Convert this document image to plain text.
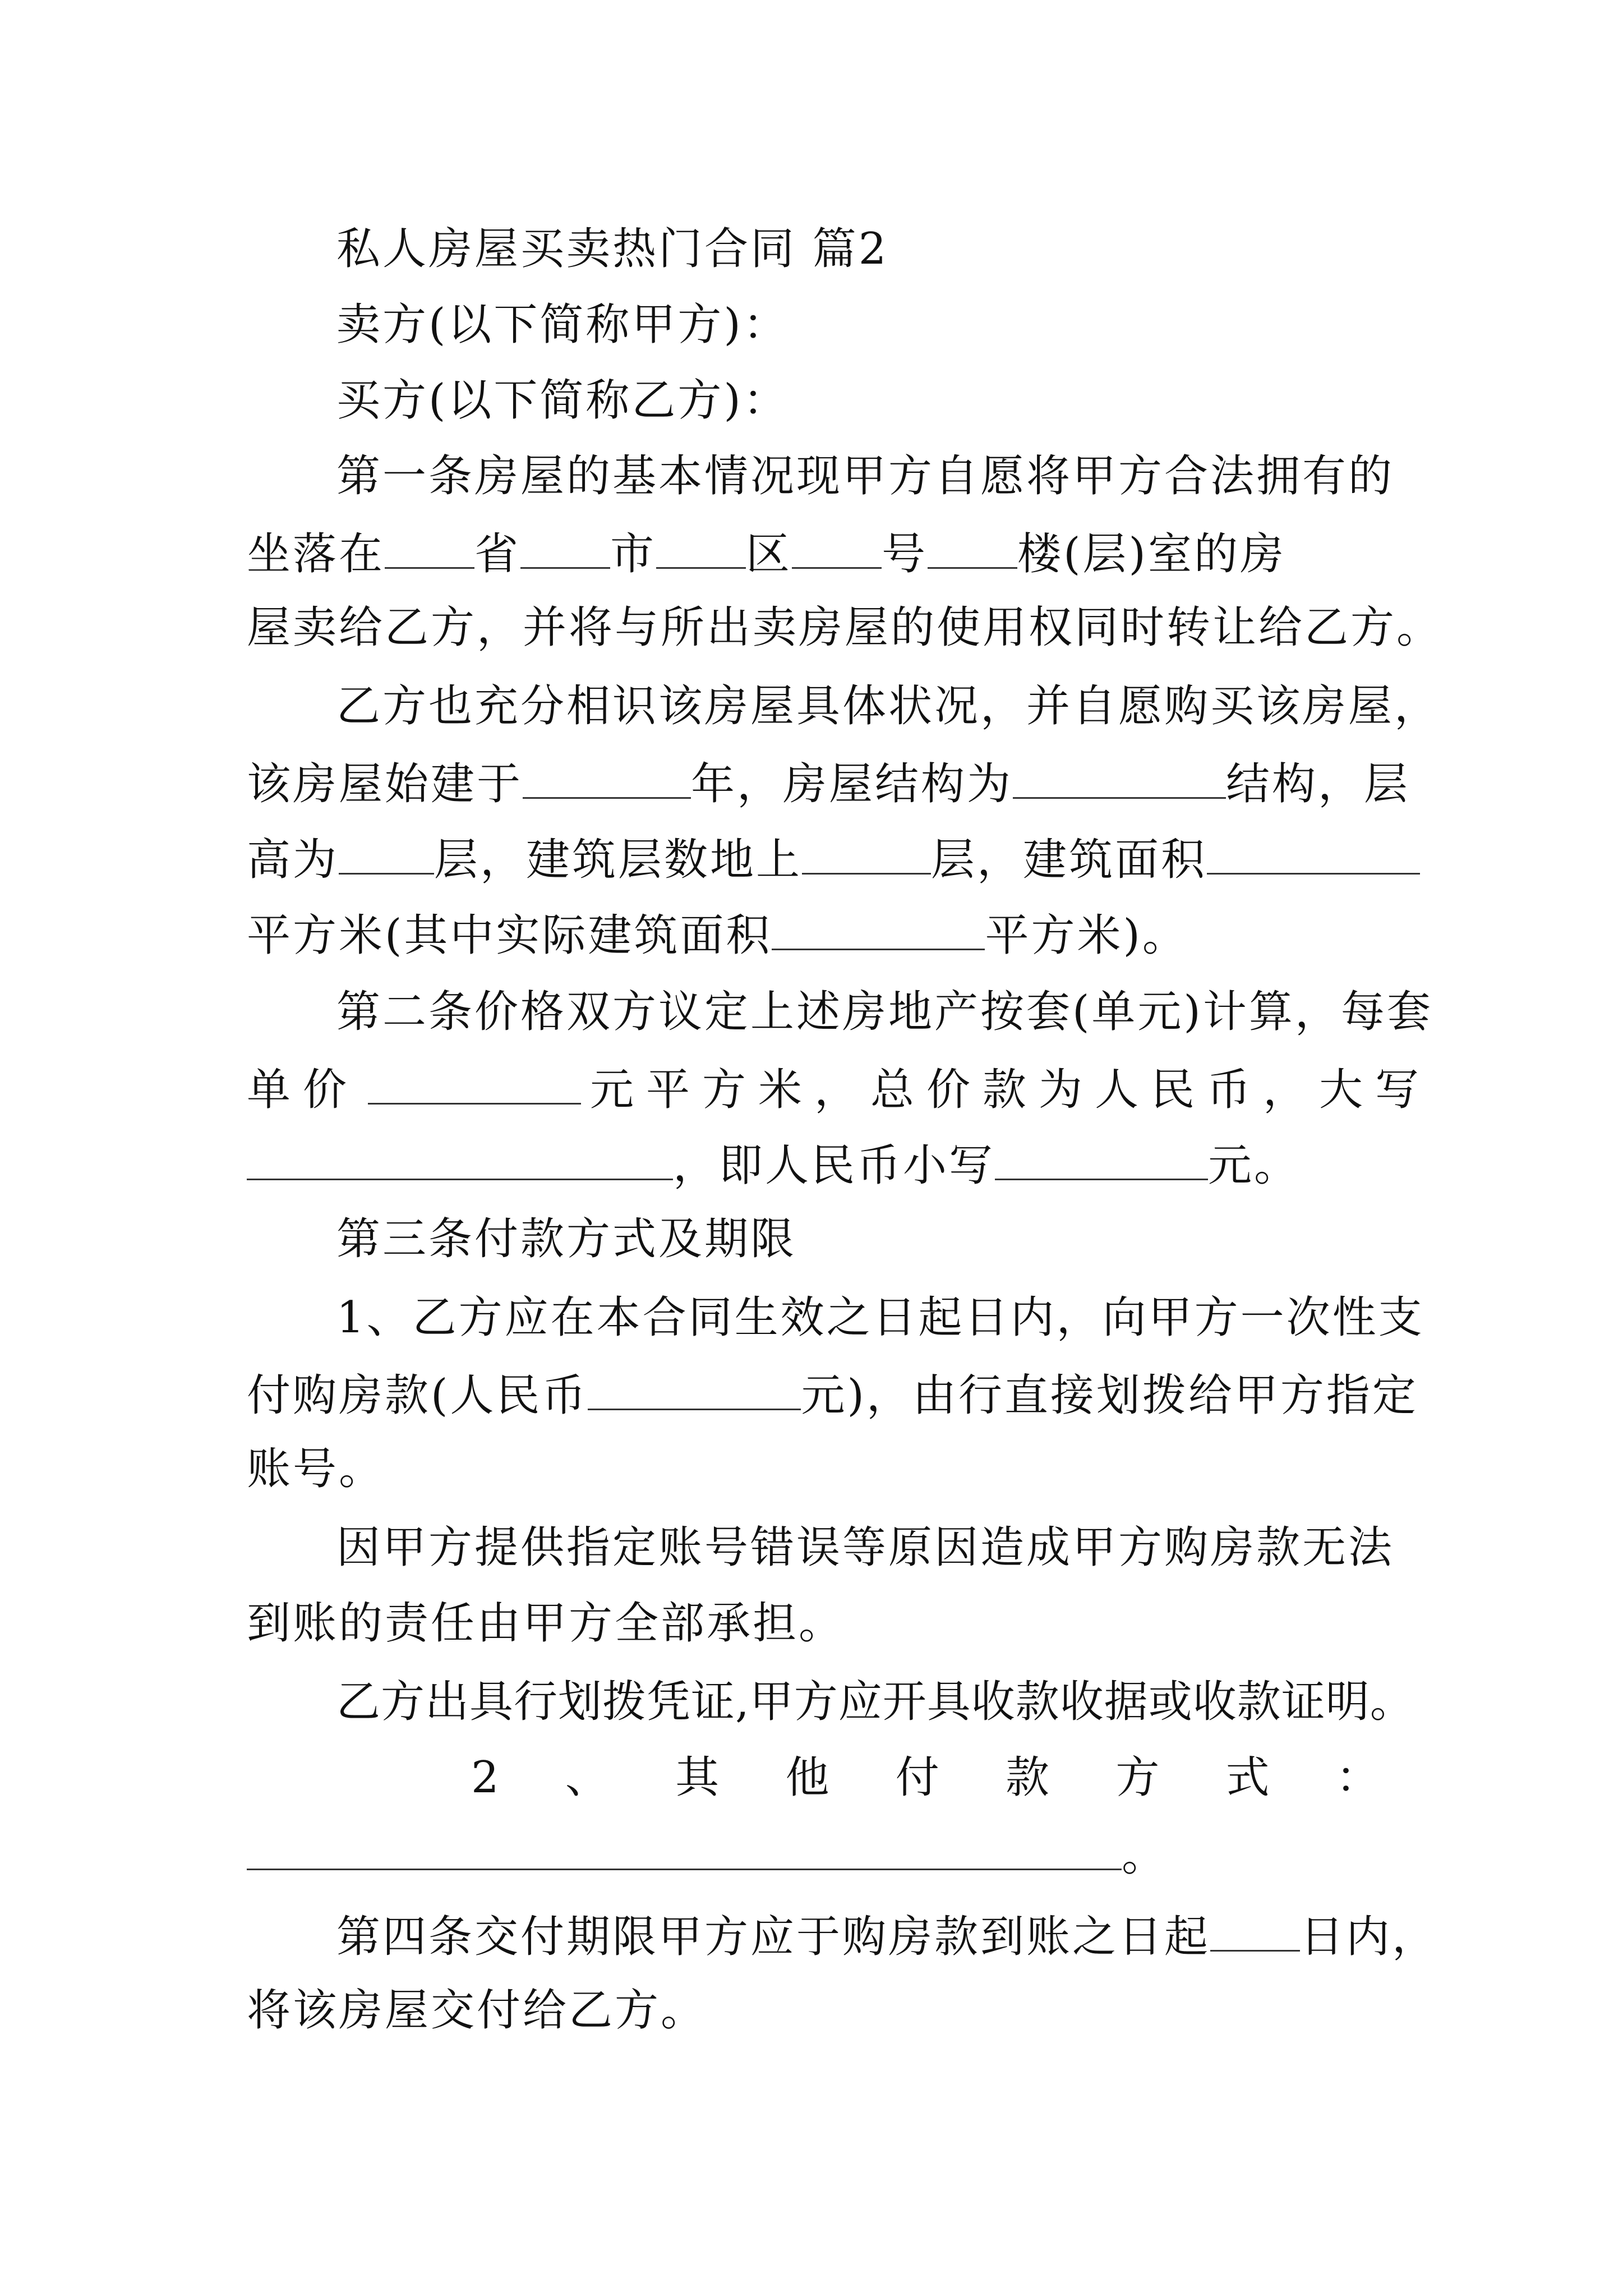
私人房屋买卖热门合同 篇2
卖方(以下简称甲方)：
买方(以下简称乙方)：
第一条房屋的基本情况现甲方自愿将甲方合法拥有的
坐落在 省 市 区 号 楼(层)室的房
屋卖给乙方，并将与所出卖房屋的使用权同时转让给乙方。
乙方也充分相识该房屋具体状况，并自愿购买该房屋，
该房屋始建于	年，房屋结构为	结构，层
高为 层，建筑层数地上	层，建筑面积
平方米(其中实际建筑面积	平方米)。
第二条价格双方议定上述房地产按套(单元)计算，每套
单价	元平方米，总价款为人民币，大写
，即人民币小写	元。
第三条付款方式及期限
1、乙方应在本合同生效之日起日内，向甲方一次性支
付购房款(人民币	元)，由行直接划拨给甲方指定
账号。
因甲方提供指定账号错误等原因造成甲方购房款无法
到账的责任由甲方全部承担。
乙方出具行划拨凭证,甲方应开具收款收据或收款证明。
2 、 其 他 付 款 方 式 ：
。
第四条交付期限甲方应于购房款到账之日起 日内，
将该房屋交付给乙方。
